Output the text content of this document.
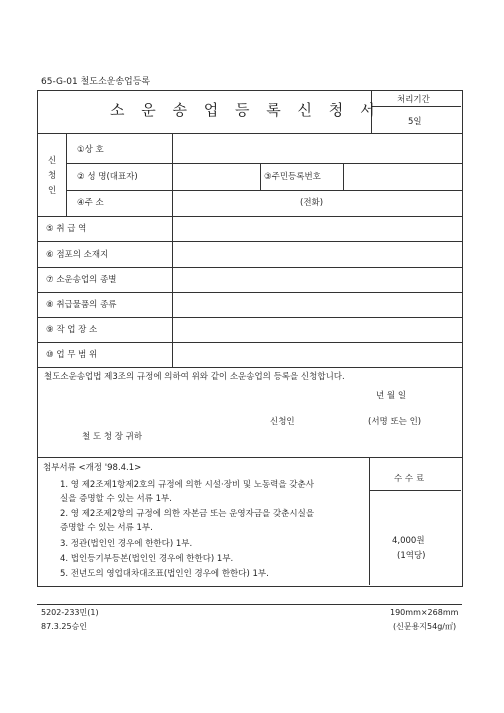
65-G-01 철도소운송업등록
소 운 송 업 등 록 신 청 서
처리기간
5일
신
청
인
①상 호
② 성 명(대표자)	③주민등록번호
④주 소	(전화)
⑤ 취 급 역
⑥ 점포의 소재지
⑦ 소운송업의 종별
⑧ 취급물품의 종류
⑨ 작 업 장 소
⑩ 업 무 범 위
철도소운송업법 제3조의 규정에 의하여 위와 같이 소운송업의 등록을 신청합니다.
년 월 일
신청인	(서명 또는 인)
철 도 청 장 귀하
첨부서류 <개정 '98.4.1>
1. 영 제2조제1항제2호의 규정에 의한 시설·장비 및 노동력을 갖춘사
실을 증명할 수 있는 서류 1부.
2. 영 제2조제2항의 규정에 의한 자본금 또는 운영자금을 갖춘시실을
증명할 수 있는 서류 1부.
3. 정관(법인인 경우에 한한다) 1부.
4. 법인등기부등본(법인인 경우에 한한다) 1부.
5. 전년도의 영업대차대조표(법인인 경우에 한한다) 1부.
수 수 료
4,000원
(1역당)
5202-233민(1)
87.3.25승인
190mm×268mm
(신문용지54g/㎡)
